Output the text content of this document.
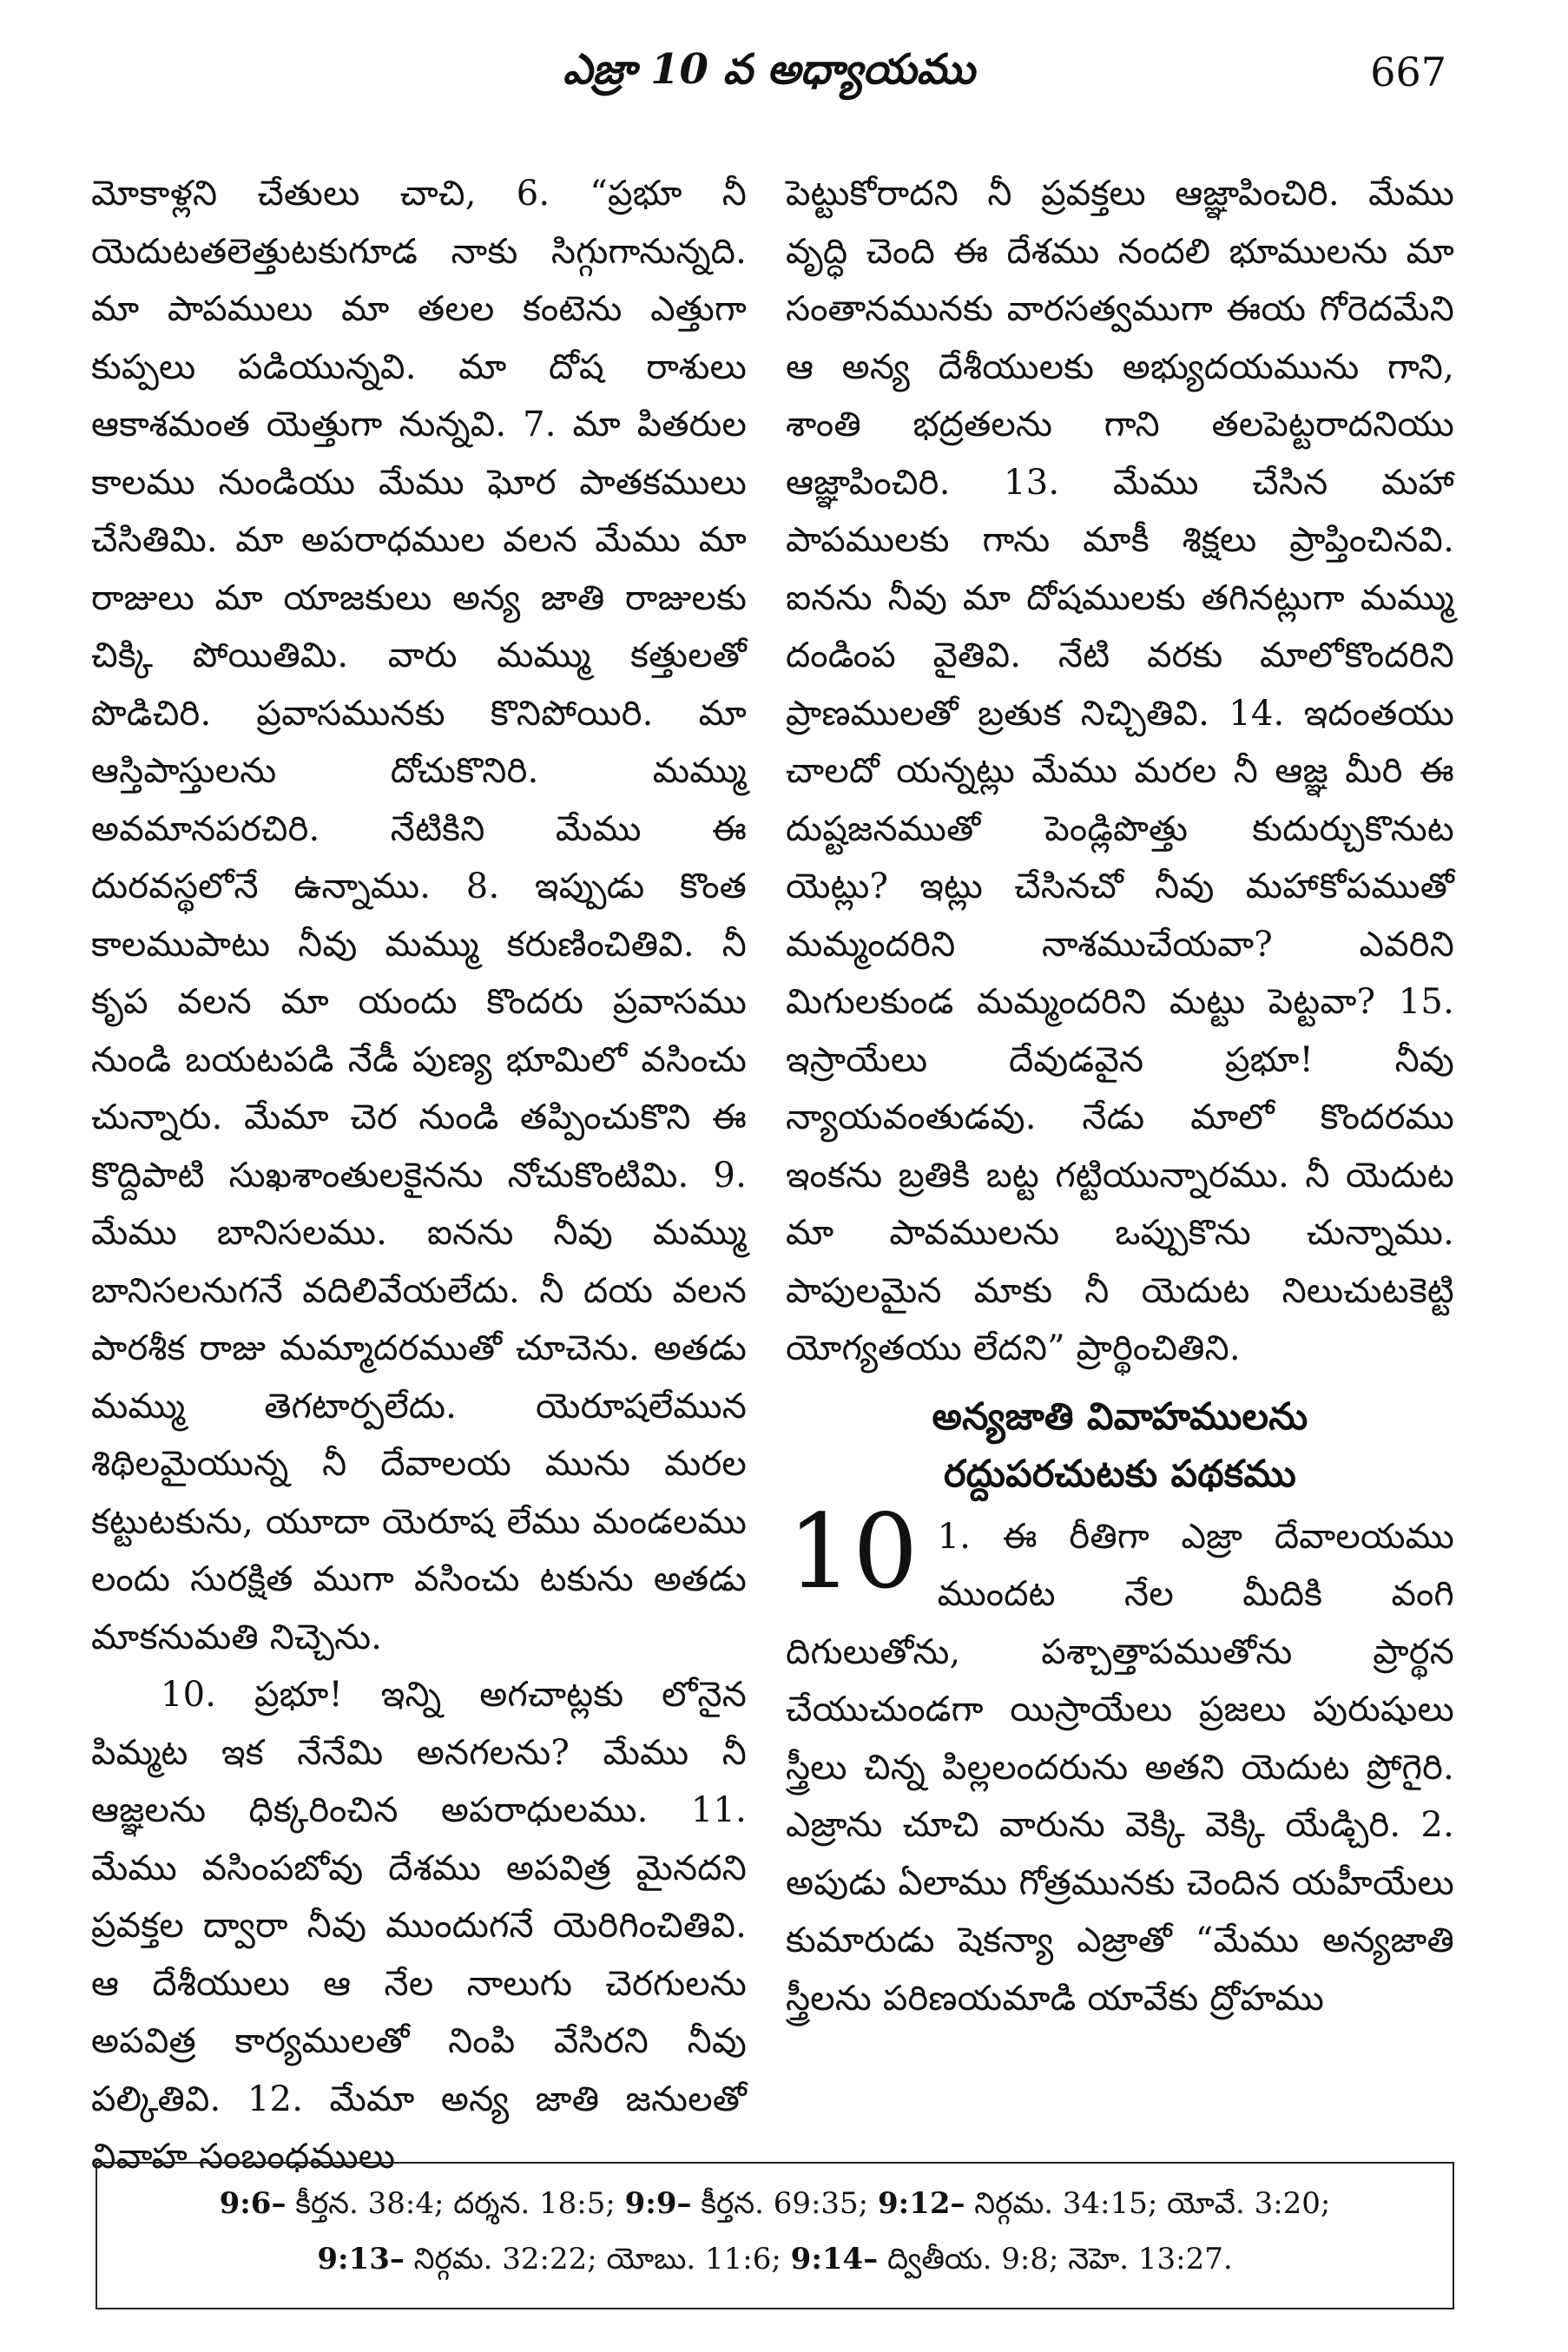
ఎజ్రా 10 వ అధ్యాయము	667

మోకాళ్లని చేతులు చాచి, 6. “ప్రభూ నీ యెదుటతలెత్తుటకుగూడ నాకు సిగ్గుగానున్నది. మా పాపములు మా తలల కంటెను ఎత్తుగా కుప్పలు పడియున్నవి. మా దోష రాశులు ఆకాశమంత యెత్తుగా నున్నవి. 7. మా పితరుల కాలము నుండియు మేము ఘోర పాతకములు చేసితిమి. మా అపరాధముల వలన మేము మా రాజులు మా యాజకులు అన్య జాతి రాజులకు చిక్కి పోయితిమి. వారు మమ్ము కత్తులతో పొడిచిరి. ప్రవాసమునకు కొనిపోయిరి. మా ఆస్తిపాస్తులను దోచుకొనిరి. మమ్ము అవమానపరచిరి. నేటికిని మేము ఈ దురవస్థలోనే ఉన్నాము. 8. ఇప్పుడు కొంత కాలముపాటు నీవు మమ్ము కరుణించితివి. నీ కృప వలన మా యందు కొందరు ప్రవాసము నుండి బయటపడి నేడీ పుణ్య భూమిలో వసించు చున్నారు. మేమా చెర నుండి తప్పించుకొని ఈ కొద్దిపాటి సుఖశాంతులకైనను నోచుకొంటిమి. 9. మేము బానిసలము. ఐనను నీవు మమ్ము బానిసలనుగనే వదిలివేయలేదు. నీ దయ వలన పారశీక రాజు మమ్మాదరముతో చూచెను. అతడు మమ్ము తెగటార్పలేదు. యెరూషలేమున శిథిలమైయున్న నీ దేవాలయ మును మరల కట్టుటకును, యూదా యెరూష లేము మండలము లందు సురక్షిత ముగా వసించు టకును అతడు మాకనుమతి నిచ్చెను.

10. ప్రభూ! ఇన్ని అగచాట్లకు లోనైన పిమ్మట ఇక నేనేమి అనగలను? మేము నీ ఆజ్ఞలను ధిక్కరించిన అపరాధులము. 11. మేము వసింపబోవు దేశము అపవిత్ర మైనదని ప్రవక్తల ద్వారా నీవు ముందుగనే యెరిగించితివి. ఆ దేశీయులు ఆ నేల నాలుగు చెరగులను అపవిత్ర కార్యములతో నింపి వేసిరని నీవు పల్కితివి. 12. మేమా అన్య జాతి జనులతో వివాహ సంబంధములు

పెట్టుకోరాదని నీ ప్రవక్తలు ఆజ్ఞాపించిరి. మేము వృద్ధి చెంది ఈ దేశము నందలి భూములను మా సంతానమునకు వారసత్వముగా ఈయ గోరెదమేని ఆ అన్య దేశీయులకు అభ్యుదయమును గాని, శాంతి భద్రతలను గాని తలపెట్టరాదనియు ఆజ్ఞాపించిరి. 13. మేము చేసిన మహా పాపములకు గాను మాకీ శిక్షలు ప్రాప్తించినవి. ఐనను నీవు మా దోషములకు తగినట్లుగా మమ్ము దండింప వైతివి. నేటి వరకు మాలోకొందరిని ప్రాణములతో బ్రతుక నిచ్చితివి. 14. ఇదంతయు చాలదో యన్నట్లు మేము మరల నీ ఆజ్ఞ మీరి ఈ దుష్టజనముతో పెండ్లిపొత్తు కుదుర్చుకొనుట యెట్లు? ఇట్లు చేసినచో నీవు మహాకోపముతో మమ్మందరిని నాశముచేయవా? ఎవరిని మిగులకుండ మమ్మందరిని మట్టు పెట్టవా? 15. ఇస్రాయేలు దేవుడవైన ప్రభూ! నీవు న్యాయవంతుడవు. నేడు మాలో కొందరము ఇంకను బ్రతికి బట్ట గట్టియున్నారము. నీ యెదుట మా పావములను ఒప్పుకొను చున్నాము. పాపులమైన మాకు నీ యెదుట నిలుచుటకెట్టి యోగ్యతయు లేదని” ప్రార్థించితిని.

అన్యజాతి వివాహములను
రద్దుపరచుటకు పథకము

10 1. ఈ రీతిగా ఎజ్రా దేవాలయము ముందట నేల మీదికి వంగి దిగులుతోను, పశ్చాత్తాపముతోను ప్రార్థన చేయుచుండగా యిస్రాయేలు ప్రజలు పురుషులు స్త్రీలు చిన్న పిల్లలందరును అతని యెదుట ప్రోగైరి. ఎజ్రాను చూచి వారును వెక్కి వెక్కి యేడ్చిరి. 2. అపుడు ఏలాము గోత్రమునకు చెందిన యహీయేలు కుమారుడు షెకన్యా ఎజ్రాతో “మేము అన్యజాతి స్త్రీలను పరిణయమాడి యావేకు ద్రోహము

9:6– కీర్తన. 38:4; దర్శన. 18:5; 9:9– కీర్తన. 69:35; 9:12– నిర్గమ. 34:15; యోవే. 3:20;
9:13– నిర్గమ. 32:22; యోబు. 11:6; 9:14– ద్వితీయ. 9:8; నెహె. 13:27.
